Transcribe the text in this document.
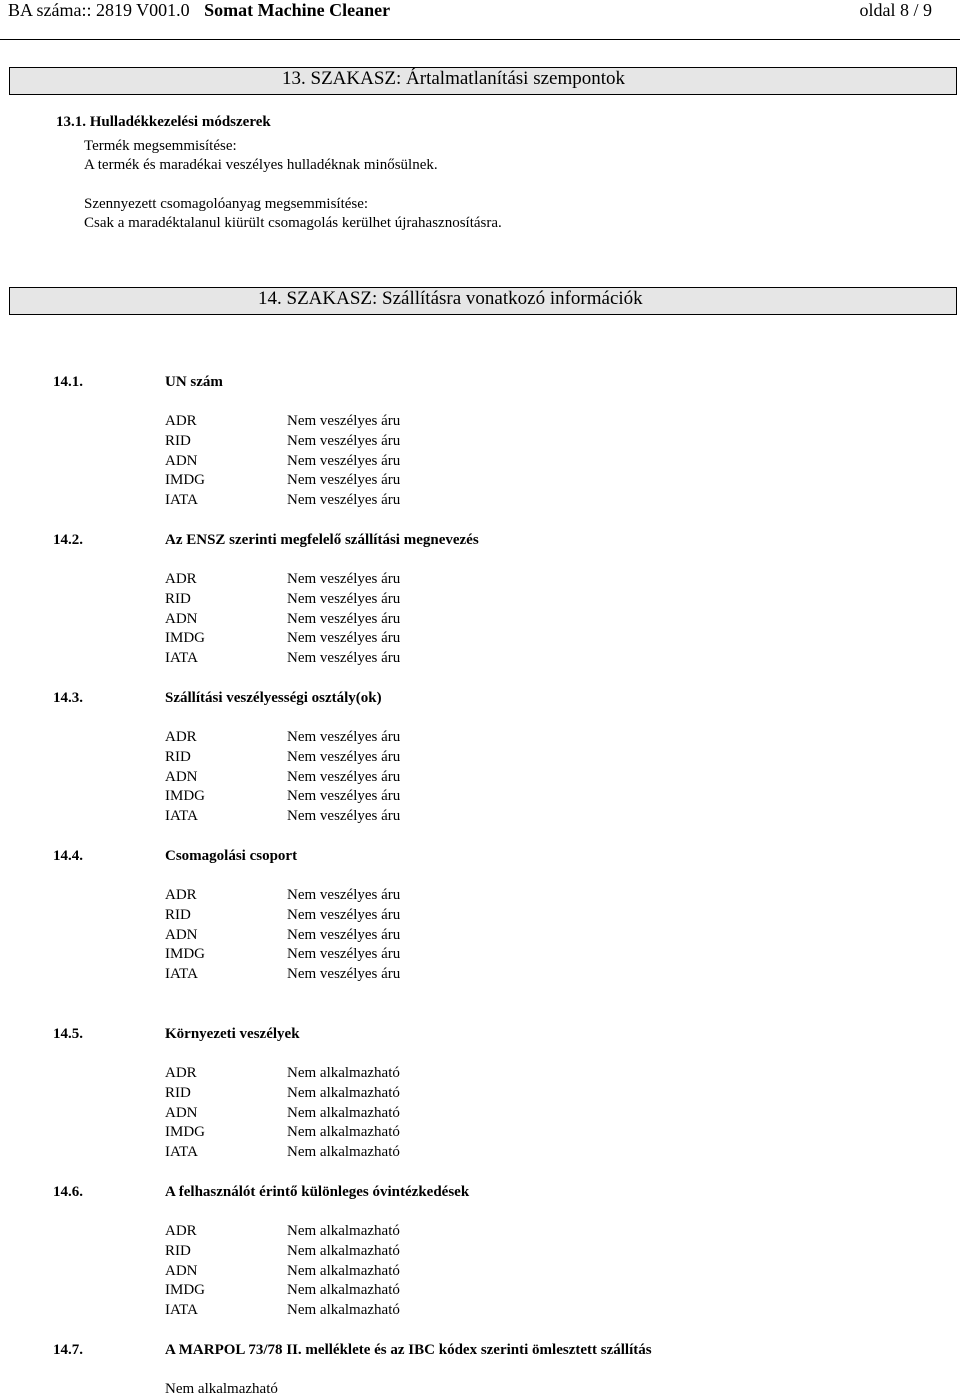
BA száma:: 2819 V001.0 Somat Machine Cleaner	oldal 8 / 9
13. SZAKASZ: Ártalmatlanítási szempontok
13.1. Hulladékkezelési módszerek
Termék megsemmisítése:
A termék és maradékai veszélyes hulladéknak minősülnek.
Szennyezett csomagolóanyag megsemmisítése:
Csak a maradéktalanul kiürült csomagolás kerülhet újrahasznosításra.
14. SZAKASZ: Szállításra vonatkozó információk
14.1.	UN szám
ADR	Nem veszélyes áru
RID	Nem veszélyes áru
ADN	Nem veszélyes áru
IMDG	Nem veszélyes áru
IATA	Nem veszélyes áru
14.2.	Az ENSZ szerinti megfelelő szállítási megnevezés
ADR	Nem veszélyes áru
RID	Nem veszélyes áru
ADN	Nem veszélyes áru
IMDG	Nem veszélyes áru
IATA	Nem veszélyes áru
14.3.	Szállítási veszélyességi osztály(ok)
ADR	Nem veszélyes áru
RID	Nem veszélyes áru
ADN	Nem veszélyes áru
IMDG	Nem veszélyes áru
IATA	Nem veszélyes áru
14.4.	Csomagolási csoport
ADR	Nem veszélyes áru
RID	Nem veszélyes áru
ADN	Nem veszélyes áru
IMDG	Nem veszélyes áru
IATA	Nem veszélyes áru
14.5.	Környezeti veszélyek
ADR	Nem alkalmazható
RID	Nem alkalmazható
ADN	Nem alkalmazható
IMDG	Nem alkalmazható
IATA	Nem alkalmazható
14.6.	A felhasználót érintő különleges óvintézkedések
ADR	Nem alkalmazható
RID	Nem alkalmazható
ADN	Nem alkalmazható
IMDG	Nem alkalmazható
IATA	Nem alkalmazható
14.7.	A MARPOL 73/78 II. melléklete és az IBC kódex szerinti ömlesztett szállítás
Nem alkalmazható
